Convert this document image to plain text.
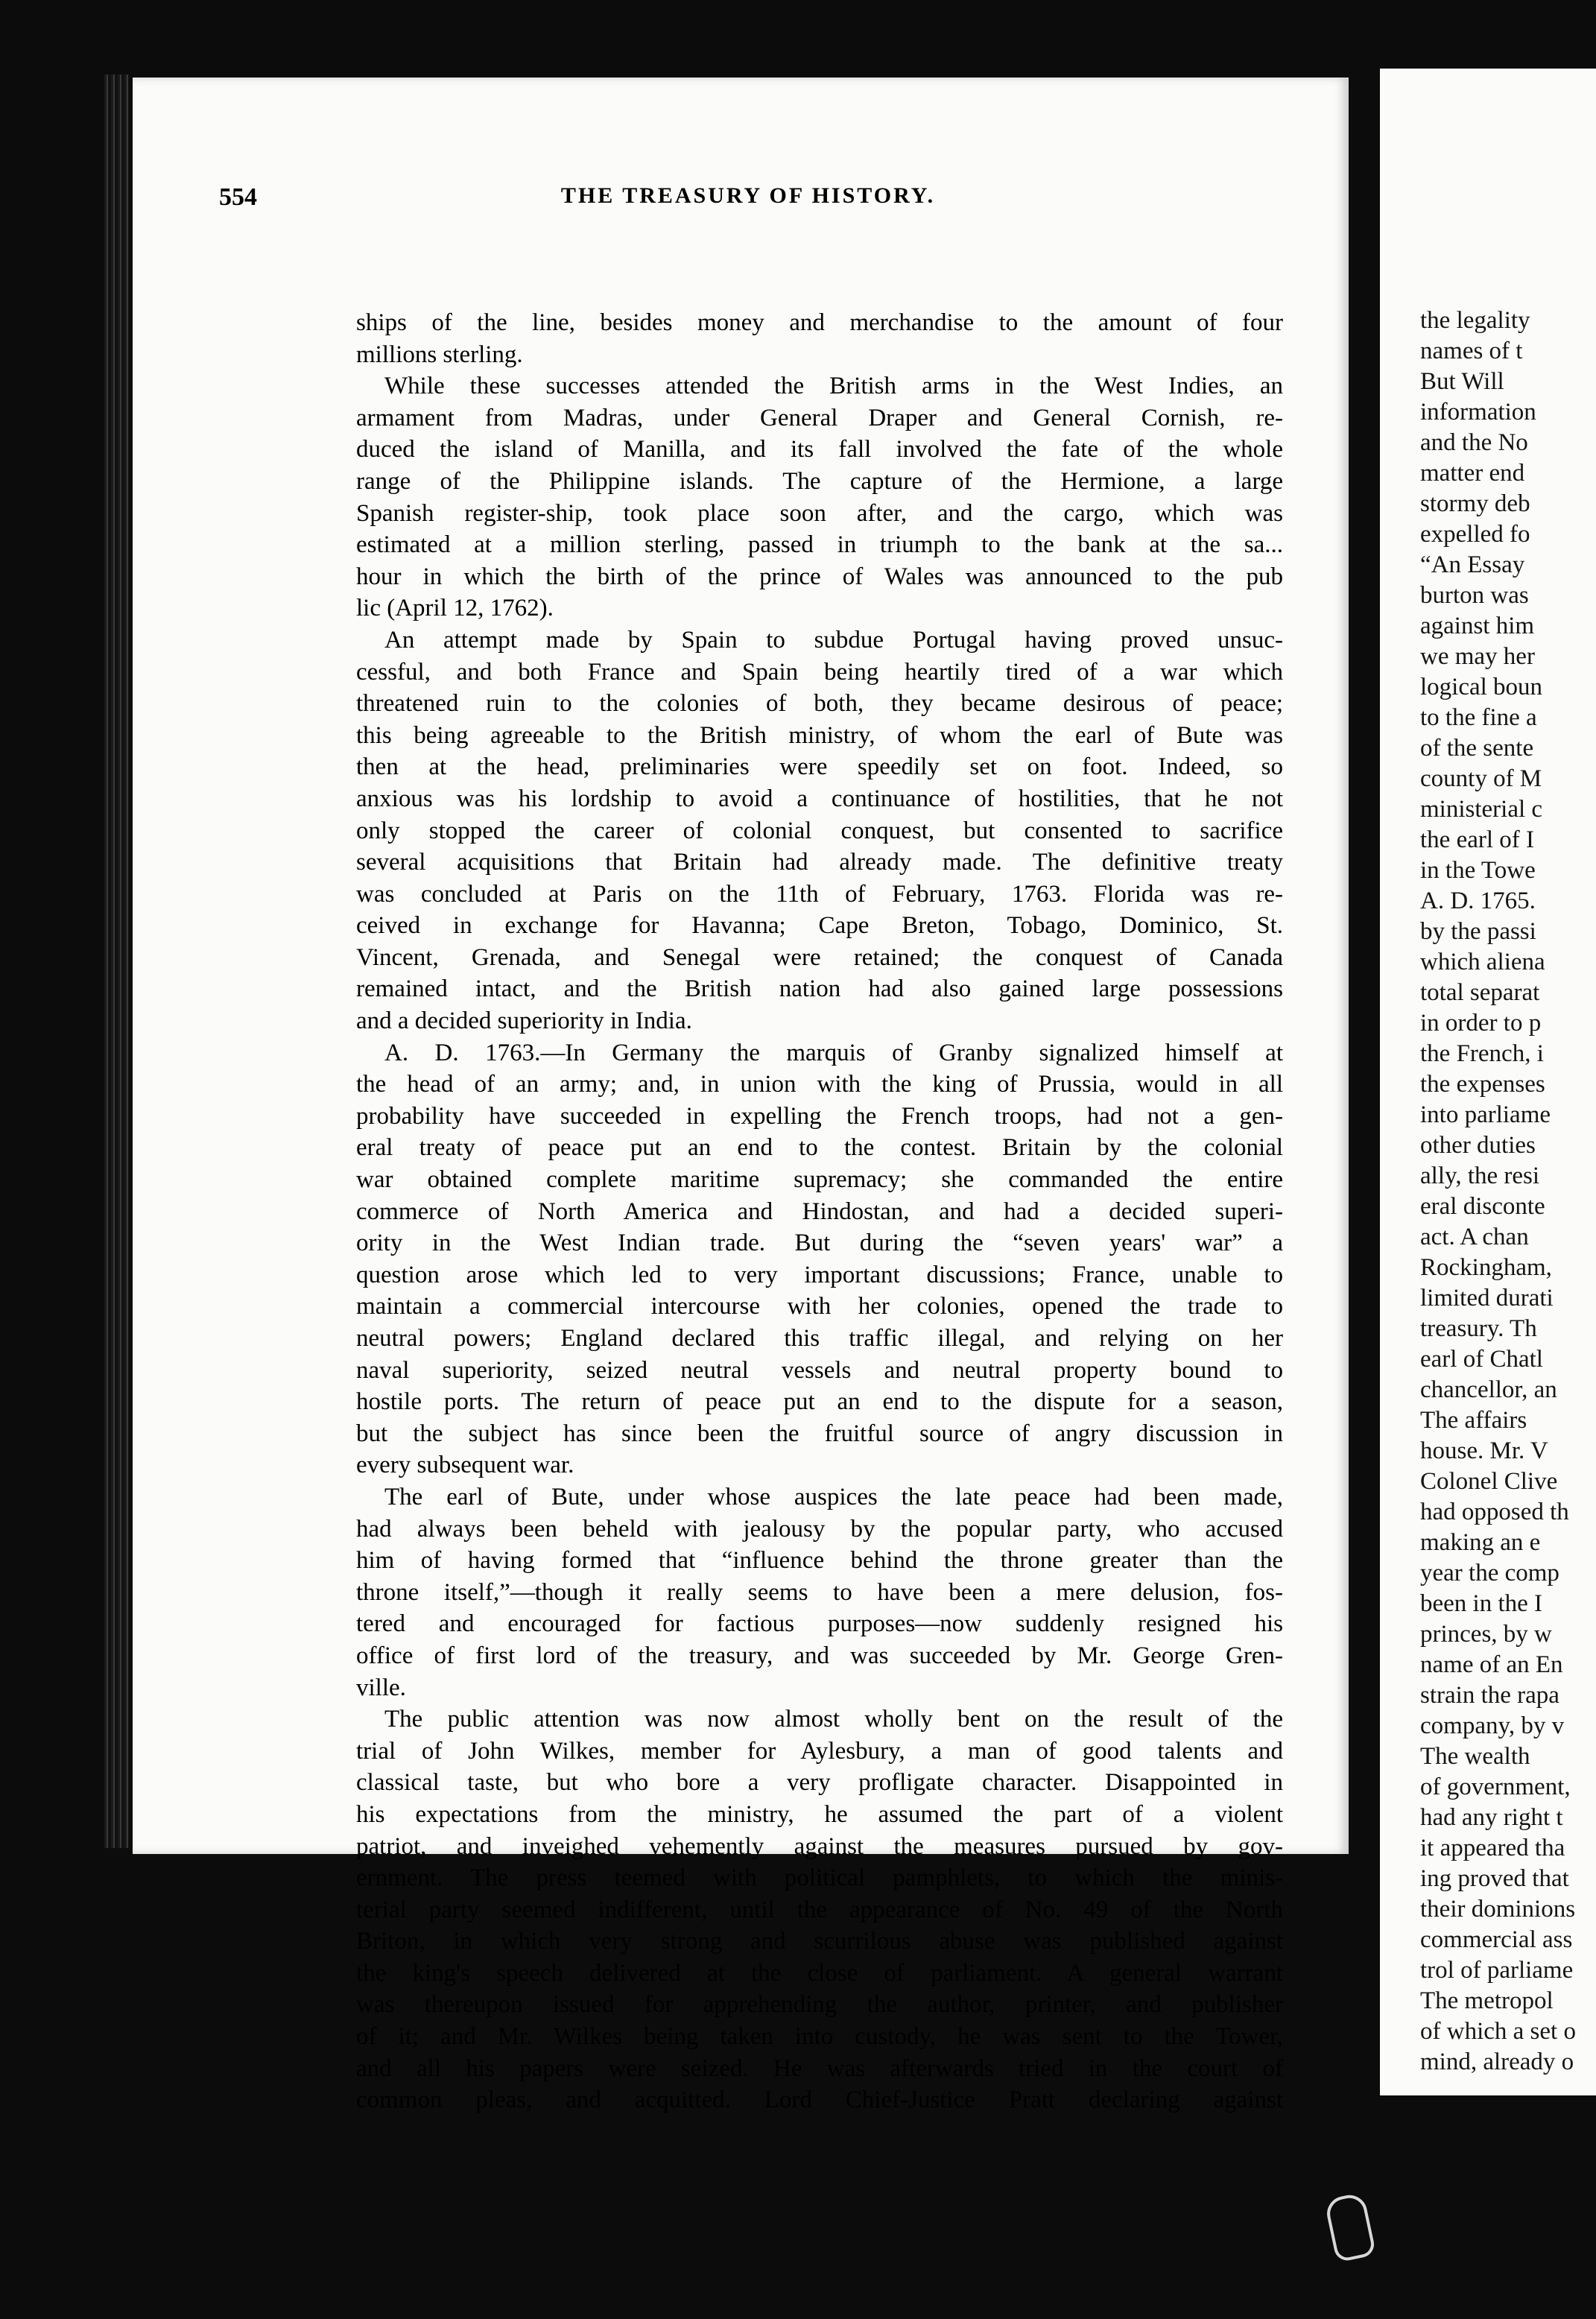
554	THE TREASURY OF HISTORY.
ships of the line, besides money and merchandise to the amount of four
millions sterling.
While these successes attended the British arms in the West Indies, an
armament from Madras, under General Draper and General Cornish, re-
duced the island of Manilla, and its fall involved the fate of the whole
range of the Philippine islands. The capture of the Hermione, a large
Spanish register-ship, took place soon after, and the cargo, which was
estimated at a million sterling, passed in triumph to the bank at the sa...
hour in which the birth of the prince of Wales was announced to the pub
lic (April 12, 1762).
An attempt made by Spain to subdue Portugal having proved unsuc-
cessful, and both France and Spain being heartily tired of a war which
threatened ruin to the colonies of both, they became desirous of peace;
this being agreeable to the British ministry, of whom the earl of Bute was
then at the head, preliminaries were speedily set on foot. Indeed, so
anxious was his lordship to avoid a continuance of hostilities, that he not
only stopped the career of colonial conquest, but consented to sacrifice
several acquisitions that Britain had already made. The definitive treaty
was concluded at Paris on the 11th of February, 1763. Florida was re-
ceived in exchange for Havanna; Cape Breton, Tobago, Dominico, St.
Vincent, Grenada, and Senegal were retained; the conquest of Canada
remained intact, and the British nation had also gained large possessions
and a decided superiority in India.
A. D. 1763.—In Germany the marquis of Granby signalized himself at
the head of an army; and, in union with the king of Prussia, would in all
probability have succeeded in expelling the French troops, had not a gen-
eral treaty of peace put an end to the contest. Britain by the colonial
war obtained complete maritime supremacy; she commanded the entire
commerce of North America and Hindostan, and had a decided superi-
ority in the West Indian trade. But during the “seven years' war” a
question arose which led to very important discussions; France, unable to
maintain a commercial intercourse with her colonies, opened the trade to
neutral powers; England declared this traffic illegal, and relying on her
naval superiority, seized neutral vessels and neutral property bound to
hostile ports. The return of peace put an end to the dispute for a season,
but the subject has since been the fruitful source of angry discussion in
every subsequent war.
The earl of Bute, under whose auspices the late peace had been made,
had always been beheld with jealousy by the popular party, who accused
him of having formed that “influence behind the throne greater than the
throne itself,”—though it really seems to have been a mere delusion, fos-
tered and encouraged for factious purposes—now suddenly resigned his
office of first lord of the treasury, and was succeeded by Mr. George Gren-
ville.
The public attention was now almost wholly bent on the result of the
trial of John Wilkes, member for Aylesbury, a man of good talents and
classical taste, but who bore a very profligate character. Disappointed in
his expectations from the ministry, he assumed the part of a violent
patriot, and inveighed vehemently against the measures pursued by gov-
ernment. The press teemed with political pamphlets, to which the minis-
terial party seemed indifferent, until the appearance of No. 49 of the North
Briton, in which very strong and scurrilous abuse was published against
the king's speech delivered at the close of parliament. A general warrant
was thereupon issued for apprehending the author, printer, and publisher
of it; and Mr. Wilkes being taken into custody, he was sent to the Tower,
and all his papers were seized. He was afterwards tried in the court of
common pleas, and acquitted. Lord Chief-Justice Pratt declaring against
the legality
names of t
But Will
information
and the No
matter end
stormy deb
expelled fo
“An Essay
burton was
against him
we may her
logical boun
to the fine a
of the sente
county of M
ministerial c
the earl of I
in the Towe
A. D. 1765.
by the passi
which aliena
total separat
in order to p
the French, i
the expenses
into parliame
other duties
ally, the resi
eral disconte
act. A chan
Rockingham,
limited durati
treasury. Th
earl of Chatl
chancellor, an
The affairs
house. Mr. V
Colonel Clive
had opposed th
making an e
year the comp
been in the I
princes, by w
name of an En
strain the rapa
company, by v
The wealth
of government,
had any right t
it appeared tha
ing proved that
their dominions
commercial ass
trol of parliame
The metropol
of which a set o
mind, already o
